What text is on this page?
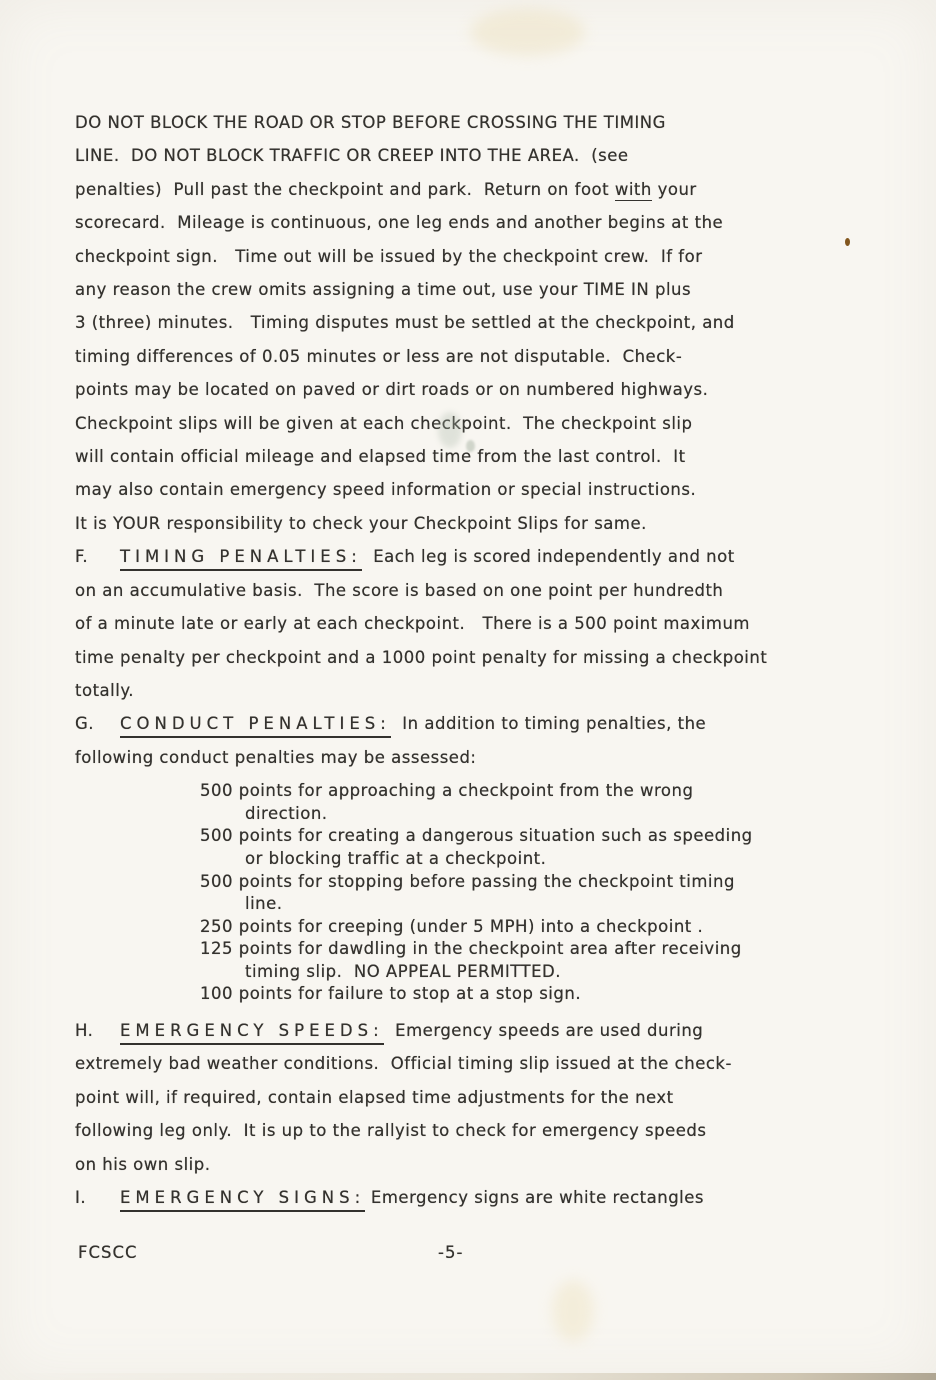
DO NOT BLOCK THE ROAD OR STOP BEFORE CROSSING THE TIMING
LINE.  DO NOT BLOCK TRAFFIC OR CREEP INTO THE AREA.  (see
penalties)  Pull past the checkpoint and park.  Return on foot with your
scorecard.  Mileage is continuous, one leg ends and another begins at the
checkpoint sign.   Time out will be issued by the checkpoint crew.  If for
any reason the crew omits assigning a time out, use your TIME IN plus
3 (three) minutes.   Timing disputes must be settled at the checkpoint, and
timing differences of 0.05 minutes or less are not disputable.  Check-
points may be located on paved or dirt roads or on numbered highways.
Checkpoint slips will be given at each checkpoint.  The checkpoint slip
will contain official mileage and elapsed time from the last control.  It
may also contain emergency speed information or special instructions.
It is YOUR responsibility to check your Checkpoint Slips for same.
F. TIMING PENALTIES:  Each leg is scored independently and not
on an accumulative basis.  The score is based on one point per hundredth
of a minute late or early at each checkpoint.   There is a 500 point maximum
time penalty per checkpoint and a 1000 point penalty for missing a checkpoint
totally.
G. CONDUCT PENALTIES:  In addition to timing penalties, the
following conduct penalties may be assessed:
500 points for approaching a checkpoint from the wrong
direction.
500 points for creating a dangerous situation such as speeding
or blocking traffic at a checkpoint.
500 points for stopping before passing the checkpoint timing
line.
250 points for creeping (under 5 MPH) into a checkpoint .
125 points for dawdling in the checkpoint area after receiving
timing slip.  NO APPEAL PERMITTED.
100 points for failure to stop at a stop sign.
H. EMERGENCY SPEEDS:  Emergency speeds are used during
extremely bad weather conditions.  Official timing slip issued at the check-
point will, if required, contain elapsed time adjustments for the next
following leg only.  It is up to the rallyist to check for emergency speeds
on his own slip.
I. EMERGENCY SIGNS: Emergency signs are white rectangles
FCSCC	-5-
